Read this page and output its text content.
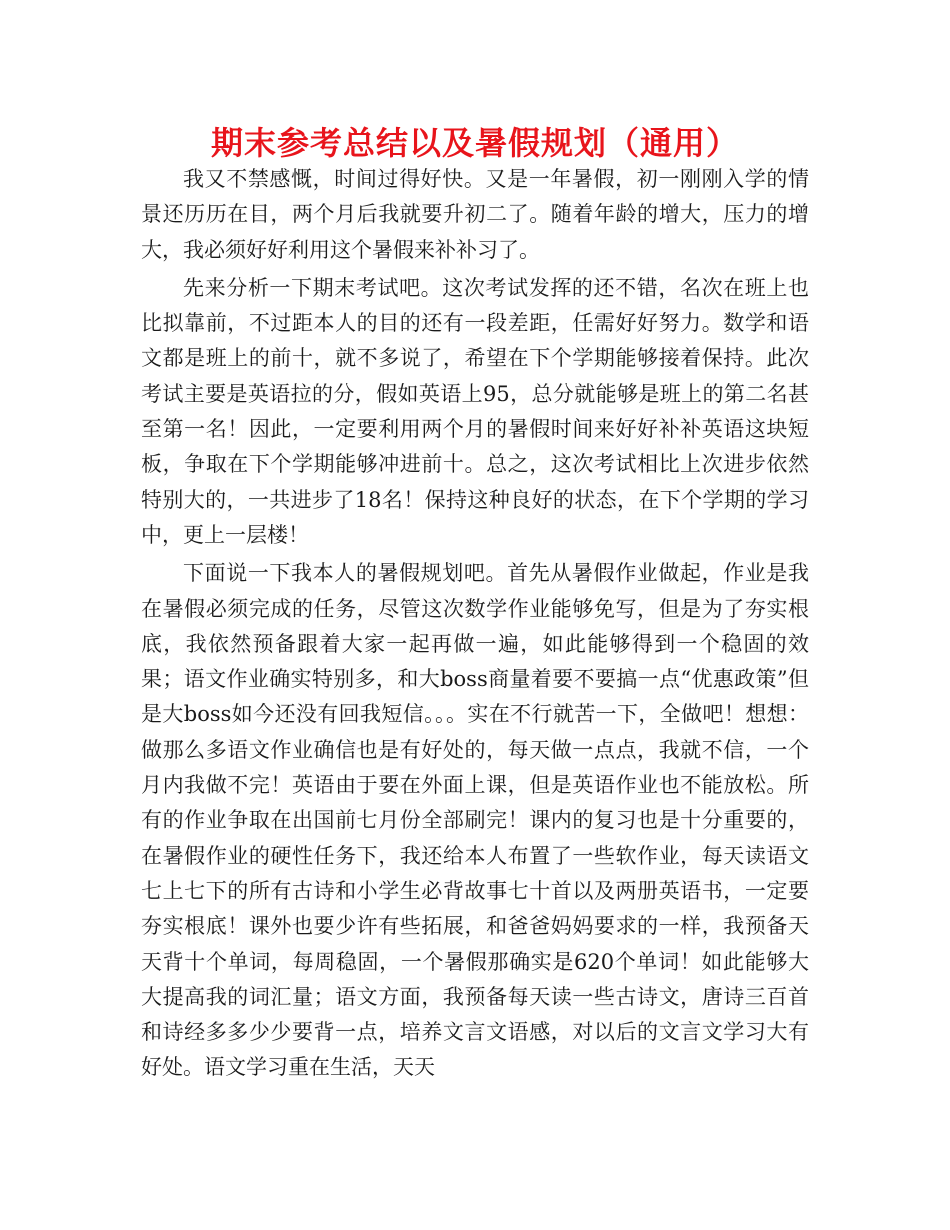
期末参考总结以及暑假规划（通用）

我又不禁感慨，时间过得好快。又是一年暑假，初一刚刚入学的情景还历历在目，两个月后我就要升初二了。随着年龄的增大，压力的增大，我必须好好利用这个暑假来补补习了。

先来分析一下期末考试吧。这次考试发挥的还不错，名次在班上也比拟靠前，不过距本人的目的还有一段差距，任需好好努力。数学和语文都是班上的前十，就不多说了，希望在下个学期能够接着保持。此次考试主要是英语拉的分，假如英语上95，总分就能够是班上的第二名甚至第一名！因此，一定要利用两个月的暑假时间来好好补补英语这块短板，争取在下个学期能够冲进前十。总之，这次考试相比上次进步依然特别大的，一共进步了18名！保持这种良好的状态，在下个学期的学习中，更上一层楼！

下面说一下我本人的暑假规划吧。首先从暑假作业做起，作业是我在暑假必须完成的任务，尽管这次数学作业能够免写，但是为了夯实根底，我依然预备跟着大家一起再做一遍，如此能够得到一个稳固的效果；语文作业确实特别多，和大boss商量着要不要搞一点“优惠政策”但是大boss如今还没有回我短信。。。实在不行就苦一下，全做吧！想想：做那么多语文作业确信也是有好处的，每天做一点点，我就不信，一个月内我做不完！英语由于要在外面上课，但是英语作业也不能放松。所有的作业争取在出国前七月份全部刷完！课内的复习也是十分重要的，在暑假作业的硬性任务下，我还给本人布置了一些软作业，每天读语文七上七下的所有古诗和小学生必背故事七十首以及两册英语书，一定要夯实根底！课外也要少许有些拓展，和爸爸妈妈要求的一样，我预备天天背十个单词，每周稳固，一个暑假那确实是620个单词！如此能够大大提高我的词汇量；语文方面，我预备每天读一些古诗文，唐诗三百首和诗经多多少少要背一点，培养文言文语感，对以后的文言文学习大有好处。语文学习重在生活，天天
